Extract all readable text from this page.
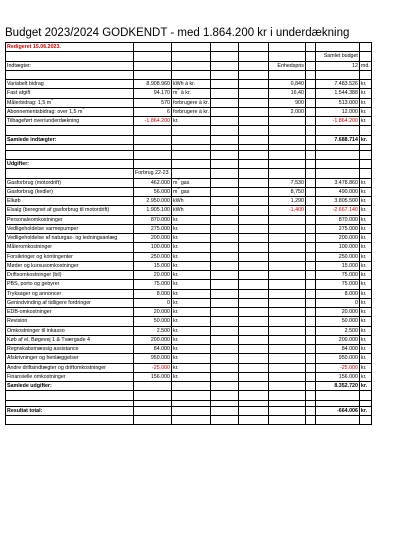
Budget 2023/2024 GODKENDT - med 1.864.200 kr i underdækning
Redigeret 15.06.2023.								
							Samlet budget	
Indtægter:					Enhedspris		12	md.

Variabelt bidrag	8.908.960	kWh à kr.			0,840		7.483.526	kr.
Fast afgift	94.170	$m^2$ à kr.			16,40		1.544.388	kr.
Målerbidrag: 1,5 $m^3$	570	forbrugere à kr.			900		513.000	kr.
Abonnementsbidrag: over 1,5 $m^3$	6	forbrugere à kr.			2.000		12.000	kr.
Tilbageført over/underdækning	-1.864.200	kr.					-1.864.200	kr.

Samlede indtægter:							7.688.714	kr.

Udgifter:								
	Forbrug 22-23							
Gasforbrug (motordrift)	462.000	$m^3$ gas			7,530		3.478.860	kr.
Gasforbrug (kedler)	56.000	$m^3$ gas			8,750		490.000	kr.
Elkøb	2.950.000	kWh			1,290		3.805.500	kr.
Elsalg (beregnet af gasforbrug til motordrift)	1.905.100	kWh			-1,400		-2.667.140	kr.
Personaleomkostninger	870.000	kr.					870.000	kr.
Vedligeholdelse varmepumper	275.000	kr.					275.000	kr.
Vedligeholdelse af naturgas- og ledningsanlæg	200.000	kr.					200.000	kr.
Måleromkostninger	100.000	kr.					100.000	kr.
Forsikringer og kontingenter	250.000	kr.					250.000	kr.
Møder og kursusomkostninger	15.000	kr.					15.000	kr.
Driftsomkostninger (bil)	20.000	kr.					75.000	kr.
PBS, porto og gebyrer	75.000	kr.					75.000	kr.
Tryksager og annoncer	8.000	kr.					8.000	kr.
Genindvinding af tidligere fordringer	0	kr.					0	kr.
EDB-omkostninger	20.000	kr.					20.000	kr.
Revision	50.000	kr.					50.000	kr.
Omkostninger til inkasso	2.500	kr.					2.500	kr.
Køb af el, Bøgevej 1 & Tværgade 4	200.000	kr.					200.000	kr.
Regnskabsmæssig assistance	84.000	kr.					84.000	kr.
Afskrivninger og henlæggelser	950.000	kr.					950.000	kr.
Andre driftsindtægter og driftomkostninger	-25.000	kr.					-25.000	kr.
Finansielle omkostninger	156.000	kr.					156.000	kr.
Samlede udgifter:							8.352.720	kr.

Resultat total:							-664.006	kr.
